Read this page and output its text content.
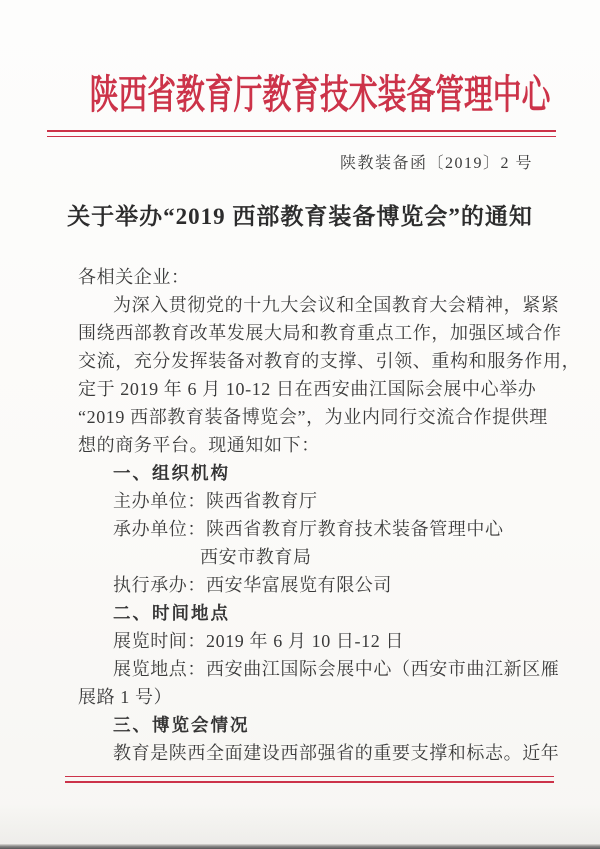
陕西省教育厅教育技术装备管理中心
陕教装备函〔2019〕2 号
关于举办“2019 西部教育装备博览会”的通知
各相关企业：
为深入贯彻党的十九大会议和全国教育大会精神，紧紧
围绕西部教育改革发展大局和教育重点工作，加强区域合作
交流，充分发挥装备对教育的支撑、引领、重构和服务作用，
定于 2019 年 6 月 10-12 日在西安曲江国际会展中心举办
“2019 西部教育装备博览会”，为业内同行交流合作提供理
想的商务平台。现通知如下：
一、组织机构
主办单位：陕西省教育厅
承办单位：陕西省教育厅教育技术装备管理中心
西安市教育局
执行承办：西安华富展览有限公司
二、时间地点
展览时间：2019 年 6 月 10 日-12 日
展览地点：西安曲江国际会展中心（西安市曲江新区雁
展路 1 号）
三、博览会情况
教育是陕西全面建设西部强省的重要支撑和标志。近年
